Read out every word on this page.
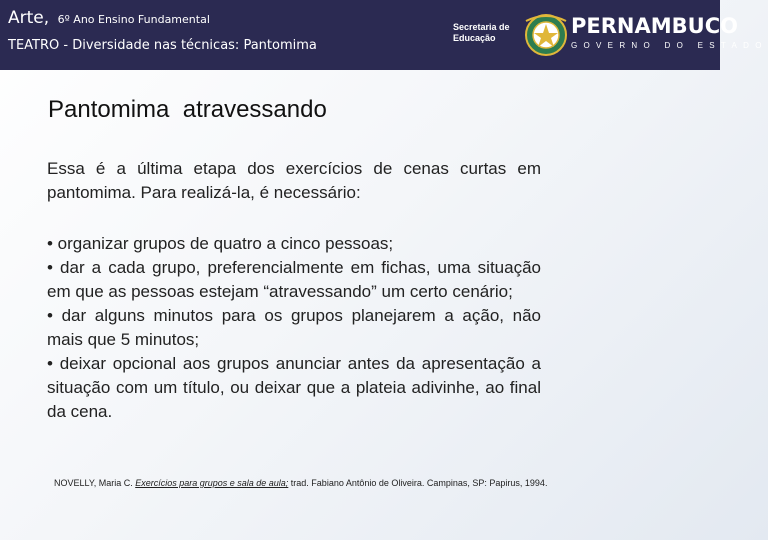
Arte, 6º Ano Ensino Fundamental
TEATRO - Diversidade nas técnicas: Pantomima
Secretaria de
Educação	PERNAMBUCO
GOVERNO DO ESTADO
Pantomima  atravessando
Essa é a última etapa dos exercícios de cenas curtas em pantomima. Para realizá-la, é necessário:

• organizar grupos de quatro a cinco pessoas;

• dar a cada grupo, preferencialmente em fichas, uma situação em que as pessoas estejam “atravessando” um certo cenário;

• dar alguns minutos para os grupos planejarem a ação, não mais que 5 minutos;

• deixar opcional aos grupos anunciar antes da apresentação a situação com um título, ou deixar que a plateia adivinhe, ao final da cena.

NOVELLY, Maria C. Exercícios para grupos e sala de aula; trad. Fabiano Antônio de Oliveira. Campinas, SP: Papirus, 1994.
